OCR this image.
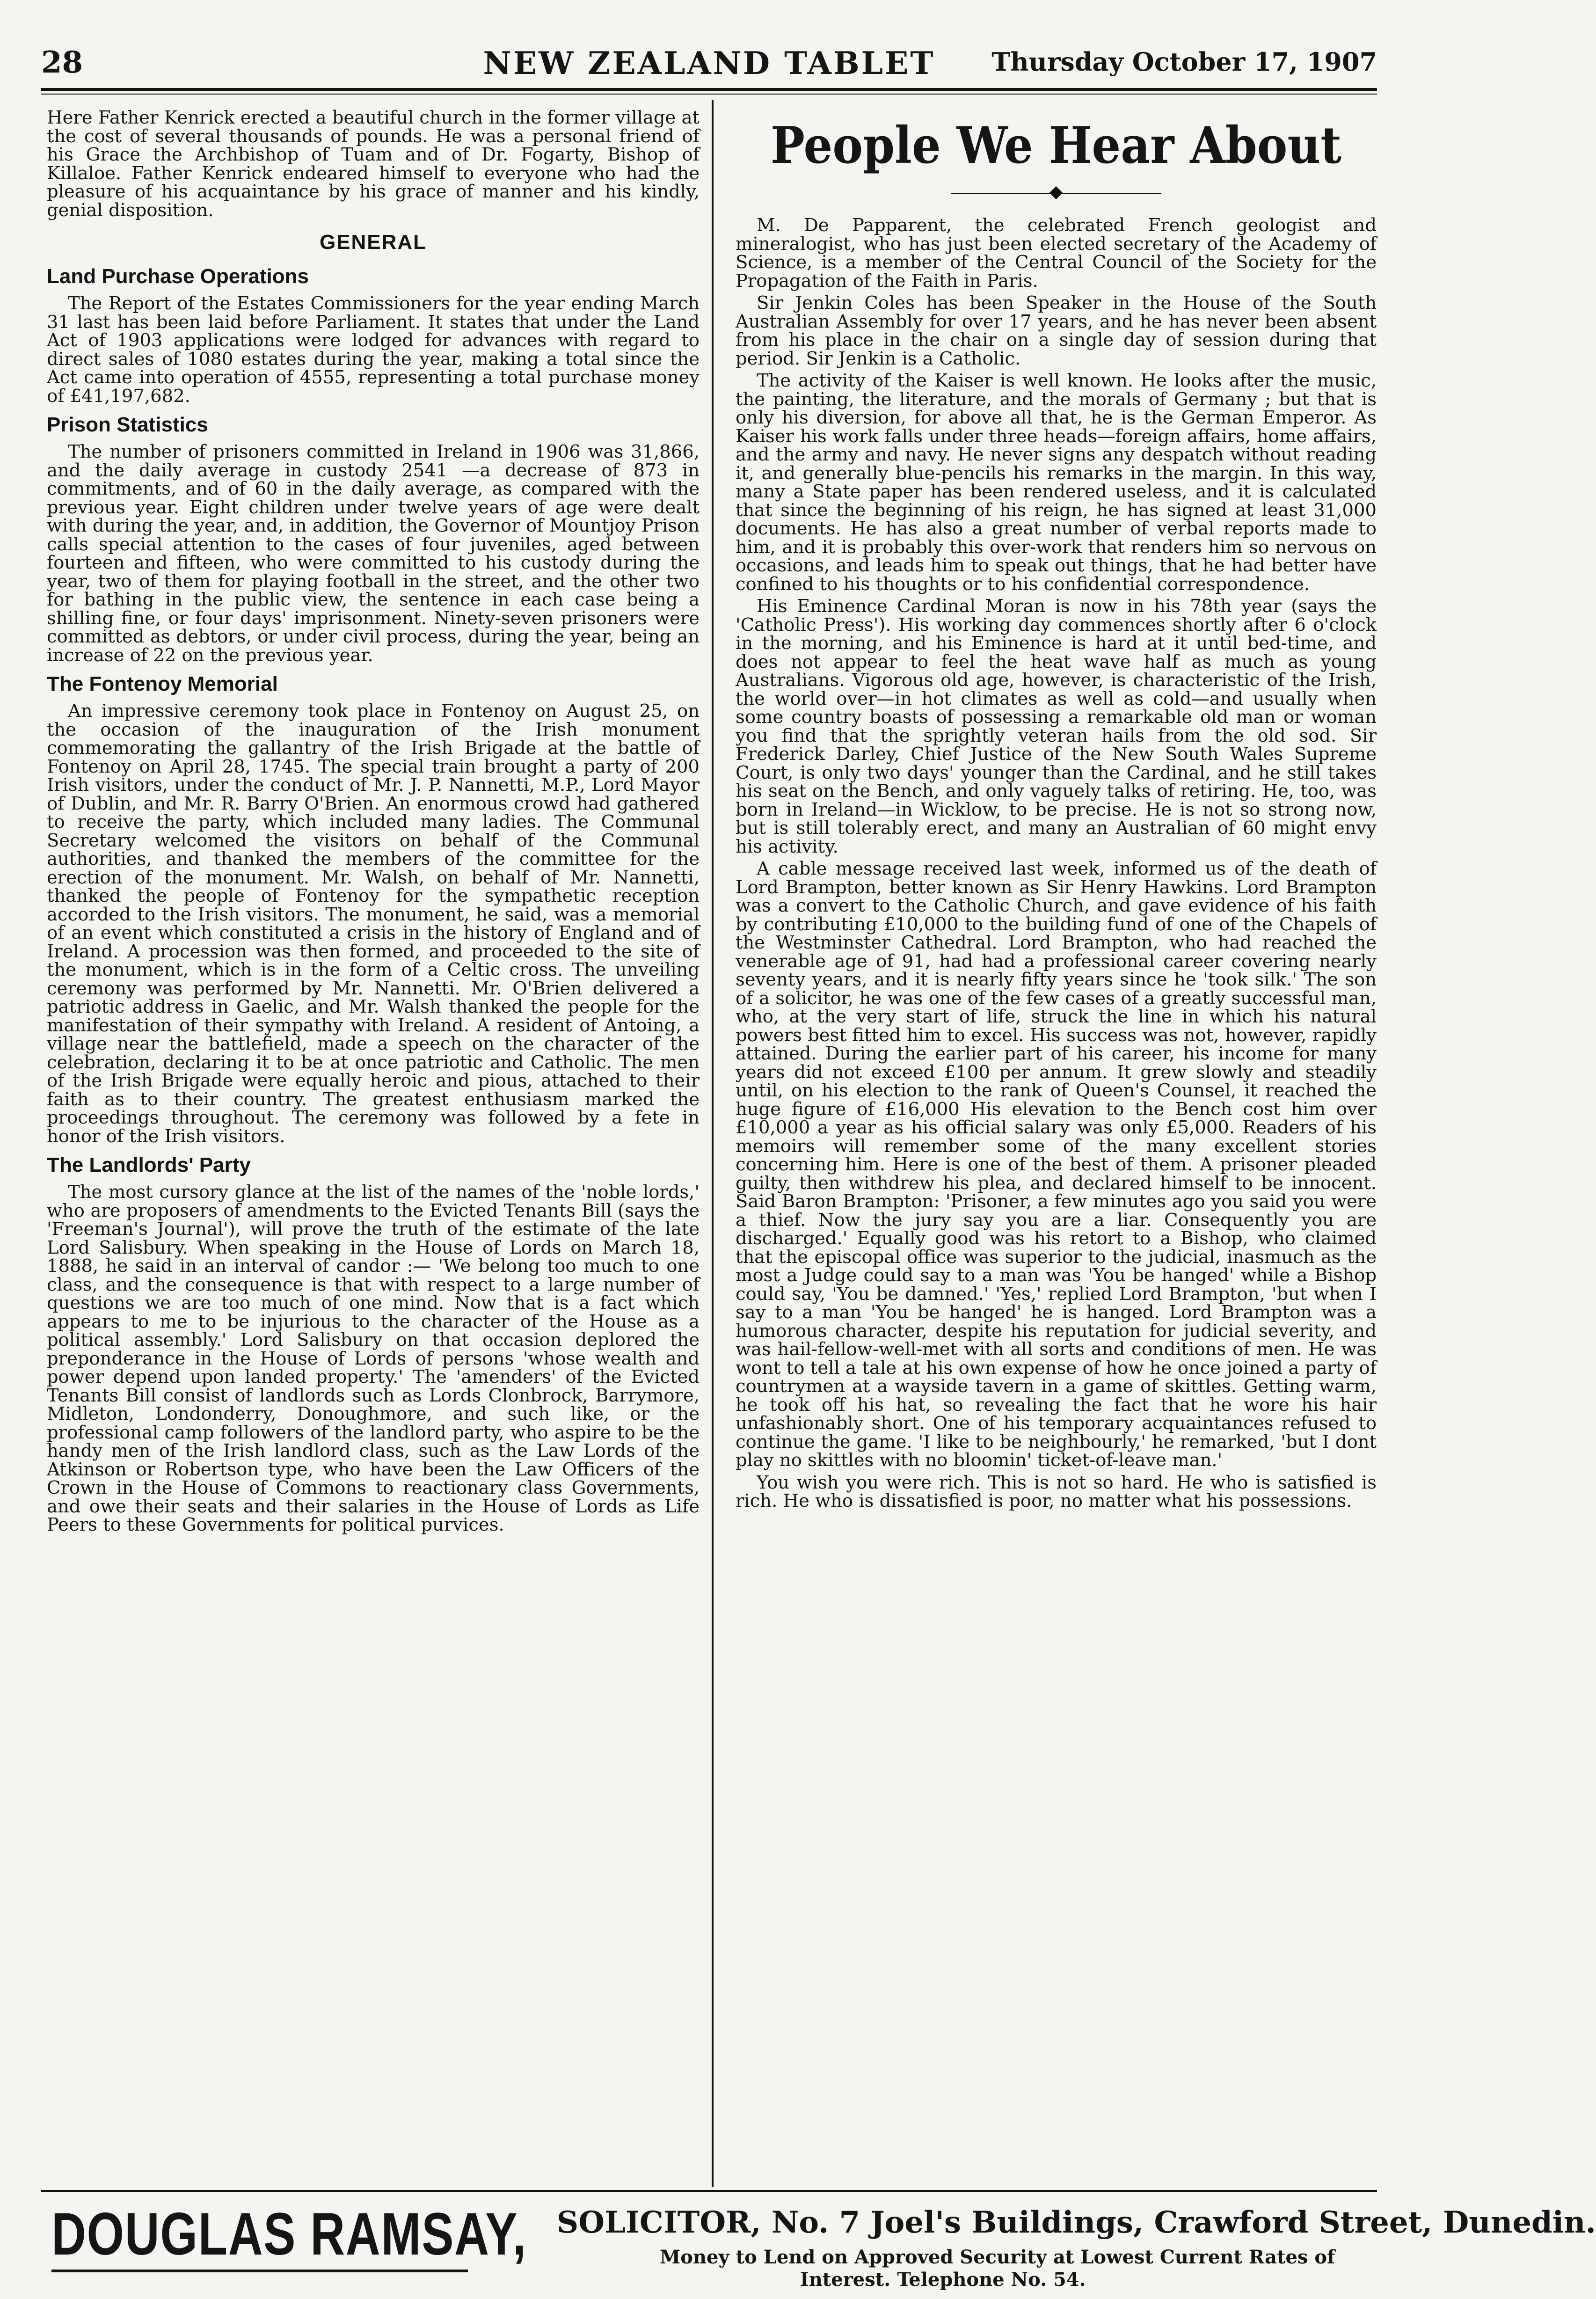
28	NEW ZEALAND TABLET	Thursday October 17, 1907

Here Father Kenrick erected a beautiful church in the former village at the cost of several thousands of pounds. He was a personal friend of his Grace the Archbishop of Tuam and of Dr. Fogarty, Bishop of Killaloe. Father Kenrick endeared himself to everyone who had the pleasure of his acquaintance by his grace of manner and his kindly, genial disposition.

GENERAL
Land Purchase Operations

The Report of the Estates Commissioners for the year ending March 31 last has been laid before Parliament. It states that under the Land Act of 1903 applications were lodged for advances with regard to direct sales of 1080 estates during the year, making a total since the Act came into operation of 4555, representing a total purchase money of £41,197,682.

Prison Statistics

The number of prisoners committed in Ireland in 1906 was 31,866, and the daily average in custody 2541 —a decrease of 873 in commitments, and of 60 in the daily average, as compared with the previous year. Eight children under twelve years of age were dealt with during the year, and, in addition, the Governor of Mountjoy Prison calls special attention to the cases of four juveniles, aged between fourteen and fifteen, who were committed to his custody during the year, two of them for playing football in the street, and the other two for bathing in the public view, the sentence in each case being a shilling fine, or four days' imprisonment. Ninety-seven prisoners were committed as debtors, or under civil process, during the year, being an increase of 22 on the previous year.

The Fontenoy Memorial

An impressive ceremony took place in Fontenoy on August 25, on the occasion of the inauguration of the Irish monument commemorating the gallantry of the Irish Brigade at the battle of Fontenoy on April 28, 1745. The special train brought a party of 200 Irish visitors, under the conduct of Mr. J. P. Nannetti, M.P., Lord Mayor of Dublin, and Mr. R. Barry O'Brien. An enormous crowd had gathered to receive the party, which included many ladies. The Communal Secretary welcomed the visitors on behalf of the Communal authorities, and thanked the members of the committee for the erection of the monument. Mr. Walsh, on behalf of Mr. Nannetti, thanked the people of Fontenoy for the sympathetic reception accorded to the Irish visitors. The monument, he said, was a memorial of an event which constituted a crisis in the history of England and of Ireland. A procession was then formed, and proceeded to the site of the monument, which is in the form of a Celtic cross. The unveiling ceremony was performed by Mr. Nannetti. Mr. O'Brien delivered a patriotic address in Gaelic, and Mr. Walsh thanked the people for the manifestation of their sympathy with Ireland. A resident of Antoing, a village near the battlefield, made a speech on the character of the celebration, declaring it to be at once patriotic and Catholic. The men of the Irish Brigade were equally heroic and pious, attached to their faith as to their country. The greatest enthusiasm marked the proceedings throughout. The ceremony was followed by a fete in honor of the Irish visitors.

The Landlords' Party

The most cursory glance at the list of the names of the 'noble lords,' who are proposers of amendments to the Evicted Tenants Bill (says the 'Freeman's Journal'), will prove the truth of the estimate of the late Lord Salisbury. When speaking in the House of Lords on March 18, 1888, he said in an interval of candor :— 'We belong too much to one class, and the consequence is that with respect to a large number of questions we are too much of one mind. Now that is a fact which appears to me to be injurious to the character of the House as a political assembly.' Lord Salisbury on that occasion deplored the preponderance in the House of Lords of persons 'whose wealth and power depend upon landed property.' The 'amenders' of the Evicted Tenants Bill consist of landlords such as Lords Clonbrock, Barrymore, Midleton, Londonderry, Donoughmore, and such like, or the professional camp followers of the landlord party, who aspire to be the handy men of the Irish landlord class, such as the Law Lords of the Atkinson or Robertson type, who have been the Law Officers of the Crown in the House of Commons to reactionary class Governments, and owe their seats and their salaries in the House of Lords as Life Peers to these Governments for political purvices.

People We Hear About

M. De Papparent, the celebrated French geologist and mineralogist, who has just been elected secretary of the Academy of Science, is a member of the Central Council of the Society for the Propagation of the Faith in Paris.

Sir Jenkin Coles has been Speaker in the House of the South Australian Assembly for over 17 years, and he has never been absent from his place in the chair on a single day of session during that period. Sir Jenkin is a Catholic.

The activity of the Kaiser is well known. He looks after the music, the painting, the literature, and the morals of Germany ; but that is only his diversion, for above all that, he is the German Emperor. As Kaiser his work falls under three heads—foreign affairs, home affairs, and the army and navy. He never signs any despatch without reading it, and generally blue-pencils his remarks in the margin. In this way, many a State paper has been rendered useless, and it is calculated that since the beginning of his reign, he has signed at least 31,000 documents. He has also a great number of verbal reports made to him, and it is probably this over-work that renders him so nervous on occasions, and leads him to speak out things, that he had better have confined to his thoughts or to his confidential correspondence.

His Eminence Cardinal Moran is now in his 78th year (says the 'Catholic Press'). His working day commences shortly after 6 o'clock in the morning, and his Eminence is hard at it until bed-time, and does not appear to feel the heat wave half as much as young Australians. Vigorous old age, however, is characteristic of the Irish, the world over—in hot climates as well as cold—and usually when some country boasts of possessing a remarkable old man or woman you find that the sprightly veteran hails from the old sod. Sir Frederick Darley, Chief Justice of the New South Wales Supreme Court, is only two days' younger than the Cardinal, and he still takes his seat on the Bench, and only vaguely talks of retiring. He, too, was born in Ireland—in Wicklow, to be precise. He is not so strong now, but is still tolerably erect, and many an Australian of 60 might envy his activity.

A cable message received last week, informed us of the death of Lord Brampton, better known as Sir Henry Hawkins. Lord Brampton was a convert to the Catholic Church, and gave evidence of his faith by contributing £10,000 to the building fund of one of the Chapels of the Westminster Cathedral. Lord Brampton, who had reached the venerable age of 91, had had a professional career covering nearly seventy years, and it is nearly fifty years since he 'took silk.' The son of a solicitor, he was one of the few cases of a greatly successful man, who, at the very start of life, struck the line in which his natural powers best fitted him to excel. His success was not, however, rapidly attained. During the earlier part of his career, his income for many years did not exceed £100 per annum. It grew slowly and steadily until, on his election to the rank of Queen's Counsel, it reached the huge figure of £16,000 His elevation to the Bench cost him over £10,000 a year as his official salary was only £5,000. Readers of his memoirs will remember some of the many excellent stories concerning him. Here is one of the best of them. A prisoner pleaded guilty, then withdrew his plea, and declared himself to be innocent. Said Baron Brampton: 'Prisoner, a few minutes ago you said you were a thief. Now the jury say you are a liar. Consequently you are discharged.' Equally good was his retort to a Bishop, who claimed that the episcopal office was superior to the judicial, inasmuch as the most a Judge could say to a man was 'You be hanged' while a Bishop could say, 'You be damned.' 'Yes,' replied Lord Brampton, 'but when I say to a man 'You be hanged' he is hanged. Lord Brampton was a humorous character, despite his reputation for judicial severity, and was hail-fellow-well-met with all sorts and conditions of men. He was wont to tell a tale at his own expense of how he once joined a party of countrymen at a wayside tavern in a game of skittles. Getting warm, he took off his hat, so revealing the fact that he wore his hair unfashionably short. One of his temporary acquaintances refused to continue the game. 'I like to be neighbourly,' he remarked, 'but I dont play no skittles with no bloomin' ticket-of-leave man.'

You wish you were rich. This is not so hard. He who is satisfied is rich. He who is dissatisfied is poor, no matter what his possessions.

DOUGLAS RAMSAY, SOLICITOR, No. 7 Joel's Buildings, Crawford Street, Dunedin.
Money to Lend on Approved Security at Lowest Current Rates of
Interest. Telephone No. 54.
